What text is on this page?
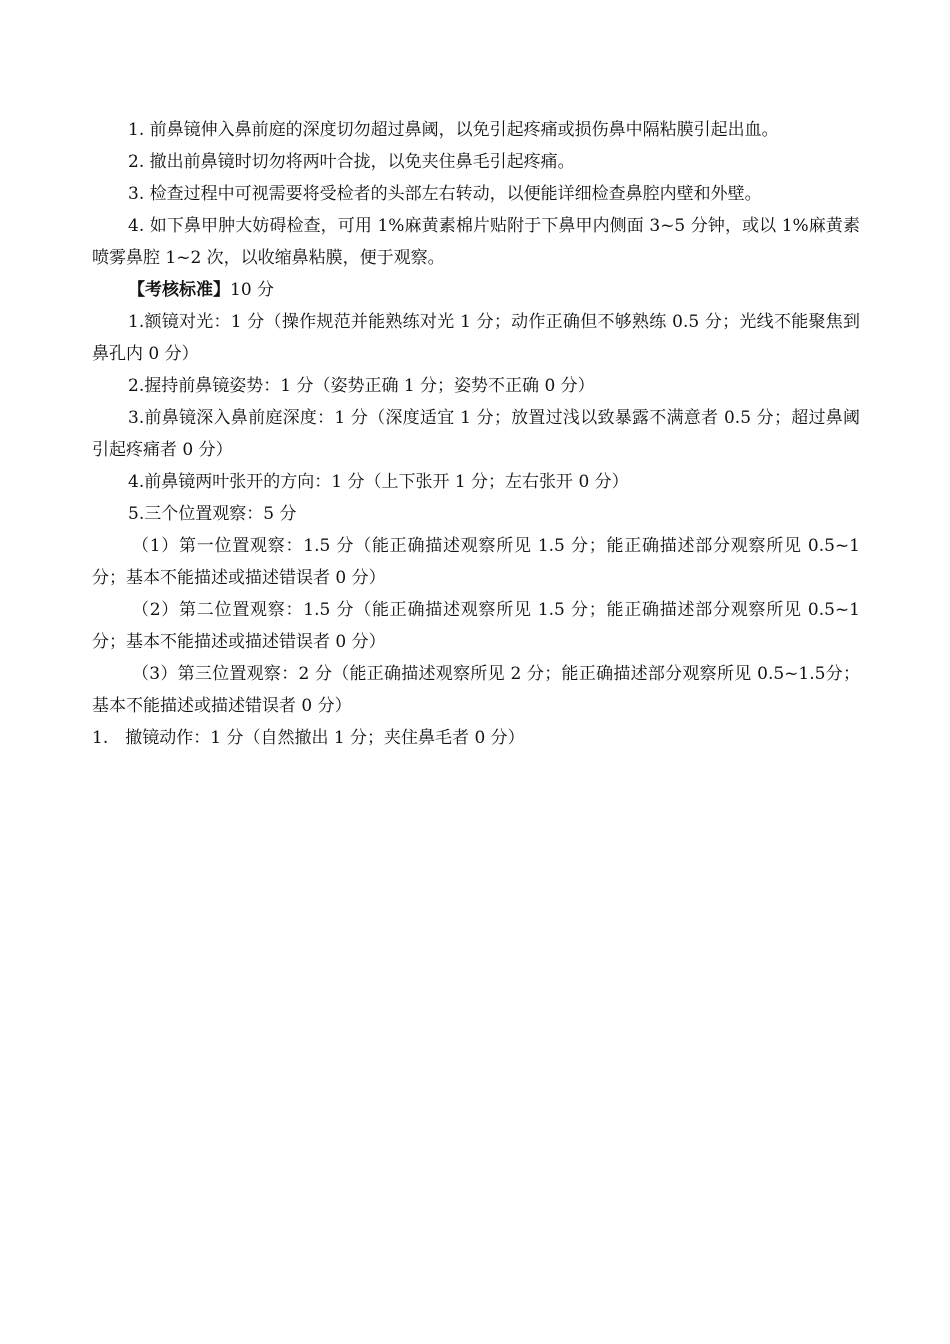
1. 前鼻镜伸入鼻前庭的深度切勿超过鼻阈，以免引起疼痛或损伤鼻中隔粘膜引起出血。

2. 撤出前鼻镜时切勿将两叶合拢，以免夹住鼻毛引起疼痛。

3. 检查过程中可视需要将受检者的头部左右转动，以便能详细检查鼻腔内壁和外壁。

4. 如下鼻甲肿大妨碍检查，可用 1%麻黄素棉片贴附于下鼻甲内侧面 3~5 分钟，或以 1%麻黄素喷雾鼻腔 1~2 次，以收缩鼻粘膜，便于观察。

【考核标准】10 分

1.额镜对光：1 分（操作规范并能熟练对光 1 分；动作正确但不够熟练 0.5 分；光线不能聚焦到鼻孔内 0 分）

2.握持前鼻镜姿势：1 分（姿势正确 1 分；姿势不正确 0 分）

3.前鼻镜深入鼻前庭深度：1 分（深度适宜 1 分；放置过浅以致暴露不满意者 0.5 分；超过鼻阈引起疼痛者 0 分）

4.前鼻镜两叶张开的方向：1 分（上下张开 1 分；左右张开 0 分）

5.三个位置观察：5 分

（1）第一位置观察：1.5 分（能正确描述观察所见 1.5 分；能正确描述部分观察所见 0.5~1分；基本不能描述或描述错误者 0 分）

（2）第二位置观察：1.5 分（能正确描述观察所见 1.5 分；能正确描述部分观察所见 0.5~1分；基本不能描述或描述错误者 0 分）

（3）第三位置观察：2 分（能正确描述观察所见 2 分；能正确描述部分观察所见 0.5~1.5分；基本不能描述或描述错误者 0 分）

1.　撤镜动作：1 分（自然撤出 1 分；夹住鼻毛者 0 分）
